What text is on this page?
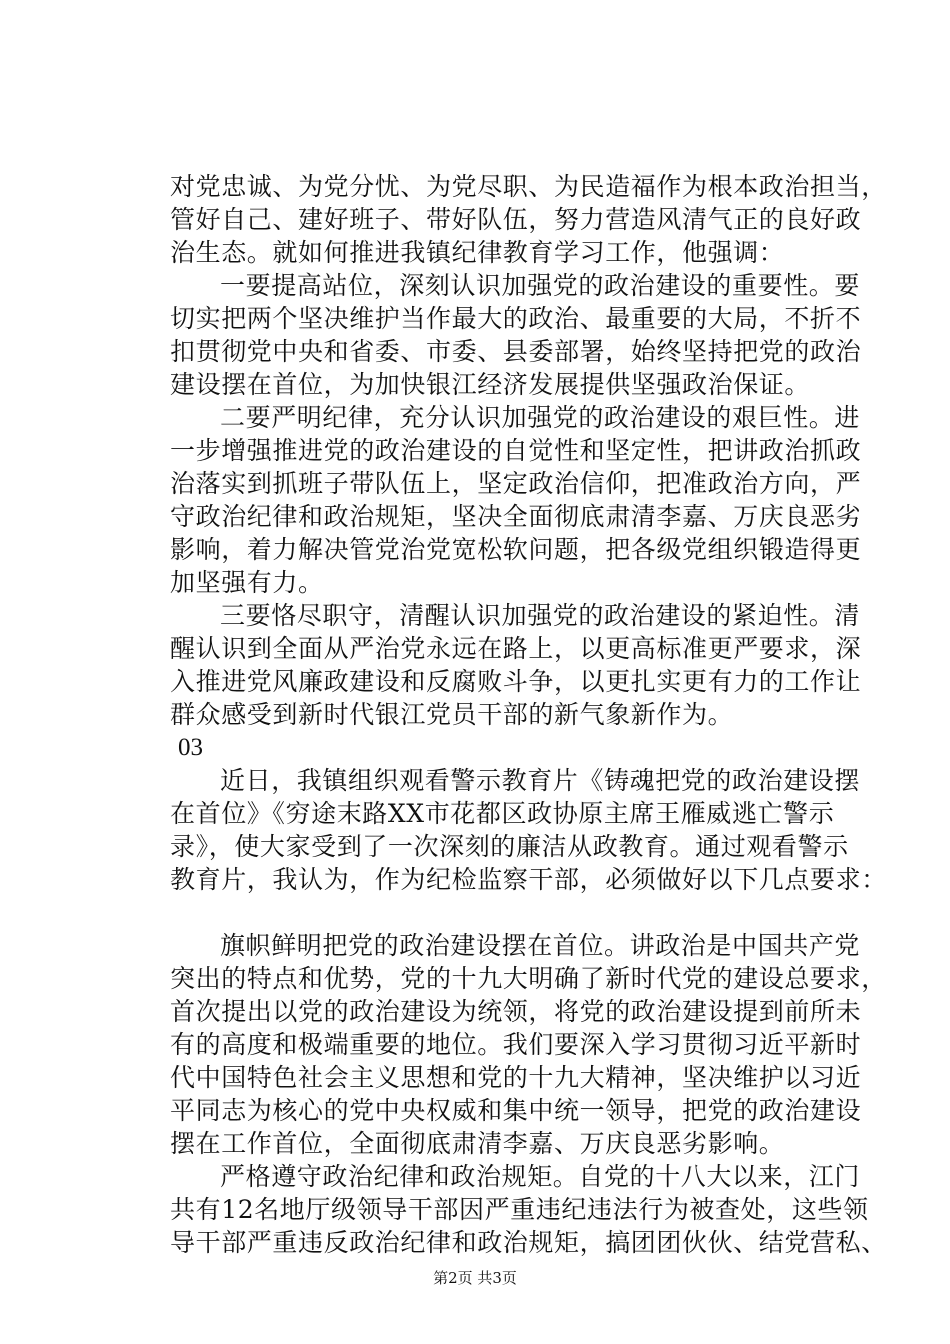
对党忠诚、为党分忧、为党尽职、为民造福作为根本政治担当，
管好自己、建好班子、带好队伍，努力营造风清气正的良好政
治生态。就如何推进我镇纪律教育学习工作，他强调：
一要提高站位，深刻认识加强党的政治建设的重要性。要
切实把两个坚决维护当作最大的政治、最重要的大局，不折不
扣贯彻党中央和省委、市委、县委部署，始终坚持把党的政治
建设摆在首位，为加快银江经济发展提供坚强政治保证。
二要严明纪律，充分认识加强党的政治建设的艰巨性。进
一步增强推进党的政治建设的自觉性和坚定性，把讲政治抓政
治落实到抓班子带队伍上，坚定政治信仰，把准政治方向，严
守政治纪律和政治规矩，坚决全面彻底肃清李嘉、万庆良恶劣
影响，着力解决管党治党宽松软问题，把各级党组织锻造得更
加坚强有力。
三要恪尽职守，清醒认识加强党的政治建设的紧迫性。清
醒认识到全面从严治党永远在路上，以更高标准更严要求，深
入推进党风廉政建设和反腐败斗争，以更扎实更有力的工作让
群众感受到新时代银江党员干部的新气象新作为。
03
近日，我镇组织观看警示教育片《铸魂把党的政治建设摆
在首位》《穷途末路XX市花都区政协原主席王雁威逃亡警示
录》，使大家受到了一次深刻的廉洁从政教育。通过观看警示
教育片，我认为，作为纪检监察干部，必须做好以下几点要求：
旗帜鲜明把党的政治建设摆在首位。讲政治是中国共产党
突出的特点和优势，党的十九大明确了新时代党的建设总要求，
首次提出以党的政治建设为统领，将党的政治建设提到前所未
有的高度和极端重要的地位。我们要深入学习贯彻习近平新时
代中国特色社会主义思想和党的十九大精神，坚决维护以习近
平同志为核心的党中央权威和集中统一领导，把党的政治建设
摆在工作首位，全面彻底肃清李嘉、万庆良恶劣影响。
严格遵守政治纪律和政治规矩。自党的十八大以来，江门
共有12名地厅级领导干部因严重违纪违法行为被查处，这些领
导干部严重违反政治纪律和政治规矩，搞团团伙伙、结党营私、
第2页 共3页
